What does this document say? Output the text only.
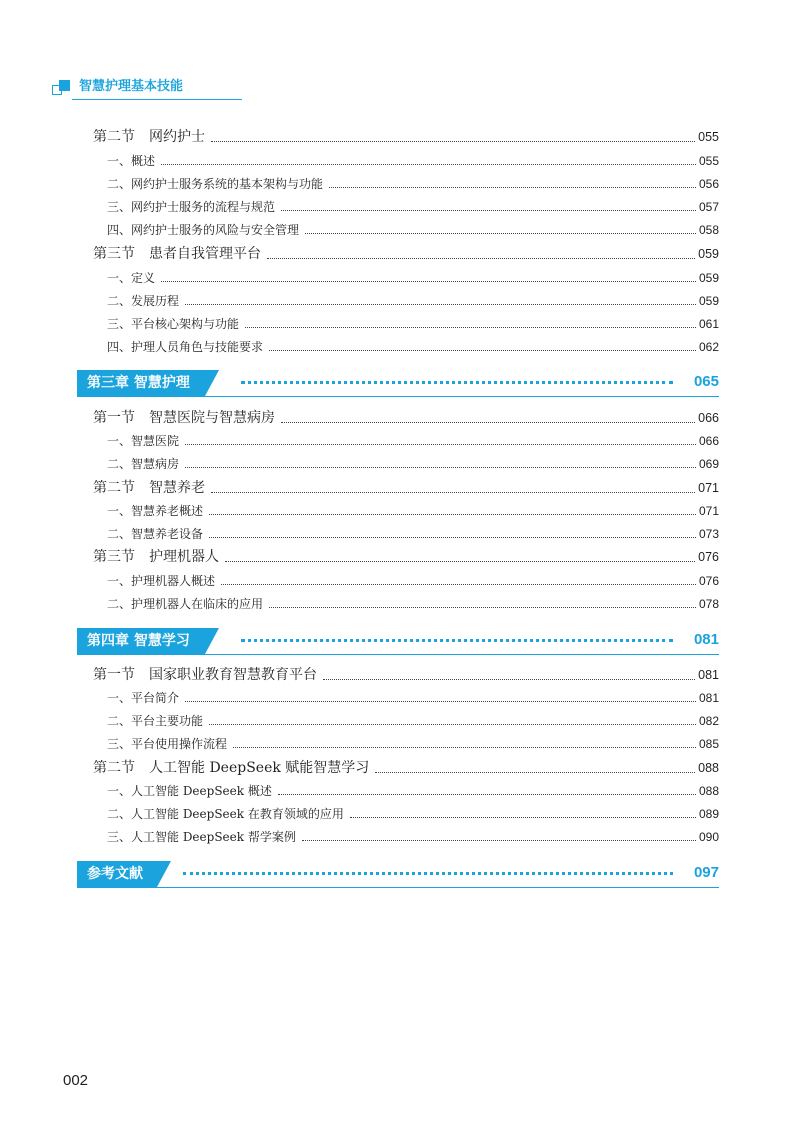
智慧护理基本技能
第二节 网约护士	055
一、概述	055
二、网约护士服务系统的基本架构与功能	056
三、网约护士服务的流程与规范	057
四、网约护士服务的风险与安全管理	058
第三节 患者自我管理平台	059
一、定义	059
二、发展历程	059
三、平台核心架构与功能	061
四、护理人员角色与技能要求	062
第三章 智慧护理	065
第一节 智慧医院与智慧病房	066
一、智慧医院	066
二、智慧病房	069
第二节 智慧养老	071
一、智慧养老概述	071
二、智慧养老设备	073
第三节 护理机器人	076
一、护理机器人概述	076
二、护理机器人在临床的应用	078
第四章 智慧学习	081
第一节 国家职业教育智慧教育平台	081
一、平台简介	081
二、平台主要功能	082
三、平台使用操作流程	085
第二节 人工智能 DeepSeek 赋能智慧学习	088
一、人工智能 DeepSeek 概述	088
二、人工智能 DeepSeek 在教育领域的应用	089
三、人工智能 DeepSeek 帮学案例	090
参考文献	097
002
